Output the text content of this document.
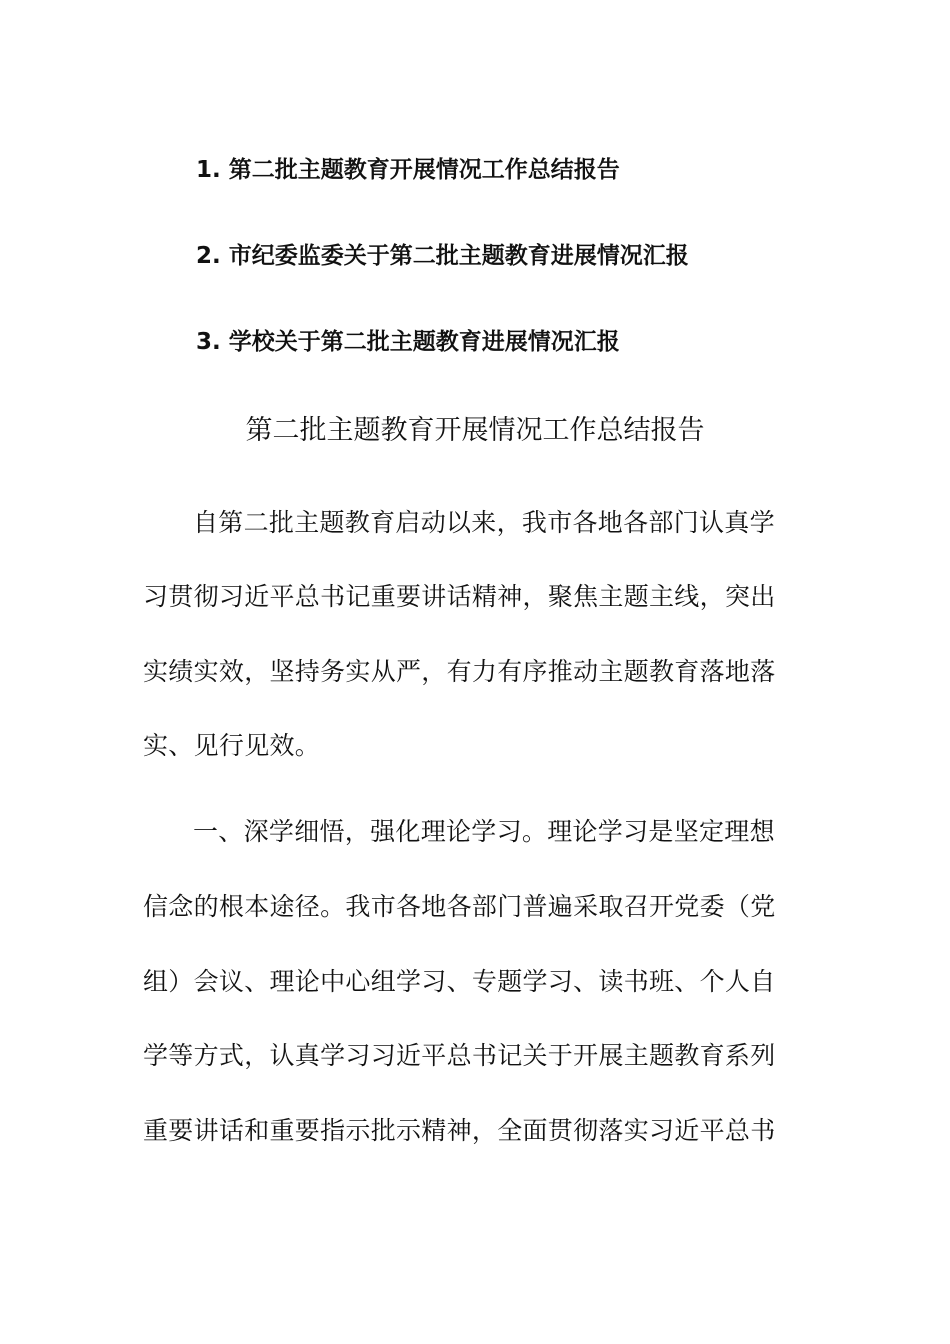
1. 第二批主题教育开展情况工作总结报告
2. 市纪委监委关于第二批主题教育进展情况汇报
3. 学校关于第二批主题教育进展情况汇报
第二批主题教育开展情况工作总结报告
自第二批主题教育启动以来，我市各地各部门认真学
习贯彻习近平总书记重要讲话精神，聚焦主题主线，突出
实绩实效，坚持务实从严，有力有序推动主题教育落地落
实、见行见效。
一、深学细悟，强化理论学习。理论学习是坚定理想
信念的根本途径。我市各地各部门普遍采取召开党委（党
组）会议、理论中心组学习、专题学习、读书班、个人自
学等方式，认真学习习近平总书记关于开展主题教育系列
重要讲话和重要指示批示精神，全面贯彻落实习近平总书
